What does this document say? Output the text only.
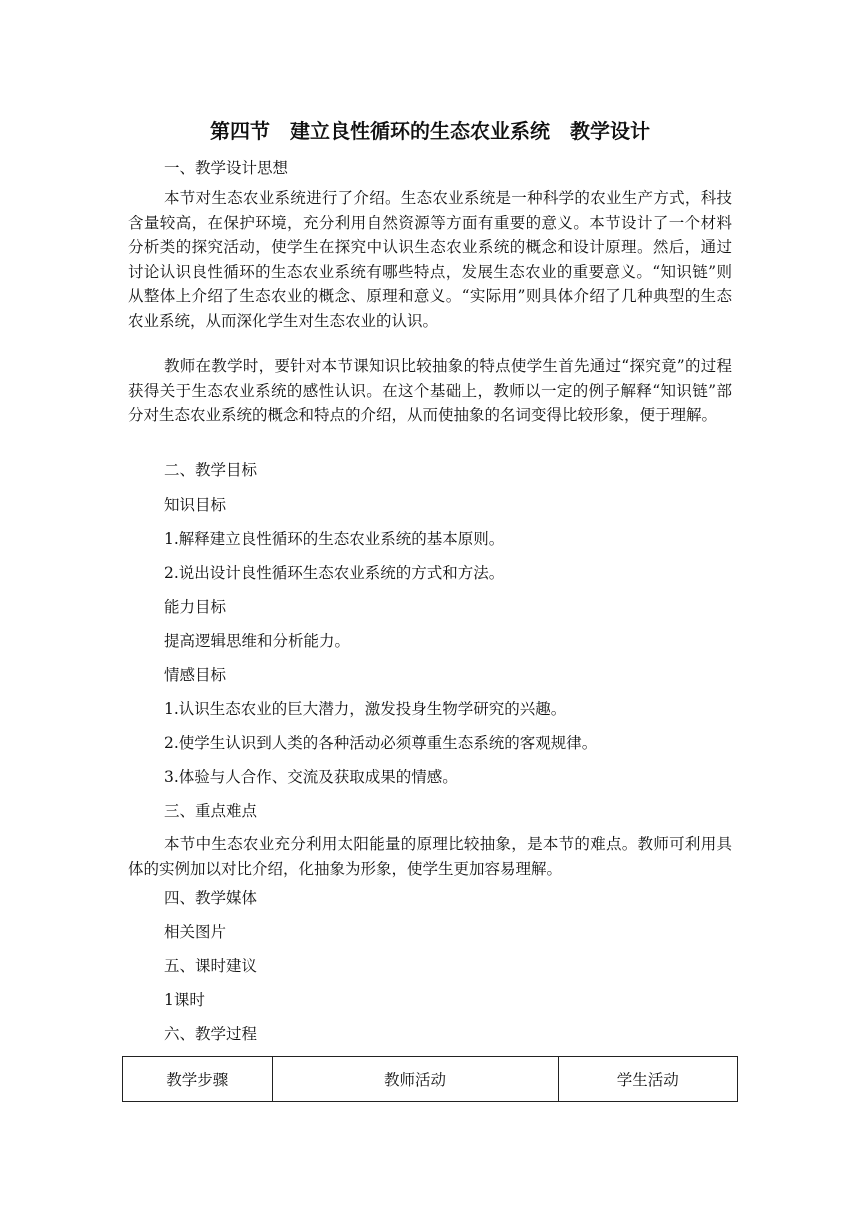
第四节　建立良性循环的生态农业系统　教学设计
一、教学设计思想

本节对生态农业系统进行了介绍。生态农业系统是一种科学的农业生产方式，科技含量较高，在保护环境，充分利用自然资源等方面有重要的意义。本节设计了一个材料分析类的探究活动，使学生在探究中认识生态农业系统的概念和设计原理。然后，通过讨论认识良性循环的生态农业系统有哪些特点，发展生态农业的重要意义。“知识链”则从整体上介绍了生态农业的概念、原理和意义。“实际用”则具体介绍了几种典型的生态农业系统，从而深化学生对生态农业的认识。

教师在教学时，要针对本节课知识比较抽象的特点使学生首先通过“探究竟”的过程获得关于生态农业系统的感性认识。在这个基础上，教师以一定的例子解释“知识链”部分对生态农业系统的概念和特点的介绍，从而使抽象的名词变得比较形象，便于理解。

二、教学目标
知识目标
1.解释建立良性循环的生态农业系统的基本原则。
2.说出设计良性循环生态农业系统的方式和方法。
能力目标
提高逻辑思维和分析能力。
情感目标
1.认识生态农业的巨大潜力，激发投身生物学研究的兴趣。
2.使学生认识到人类的各种活动必须尊重生态系统的客观规律。
3.体验与人合作、交流及获取成果的情感。
三、重点难点

本节中生态农业充分利用太阳能量的原理比较抽象，是本节的难点。教师可利用具体的实例加以对比介绍，化抽象为形象，使学生更加容易理解。

四、教学媒体
相关图片
五、课时建议
1课时
六、教学过程
教学步骤	教师活动	学生活动
